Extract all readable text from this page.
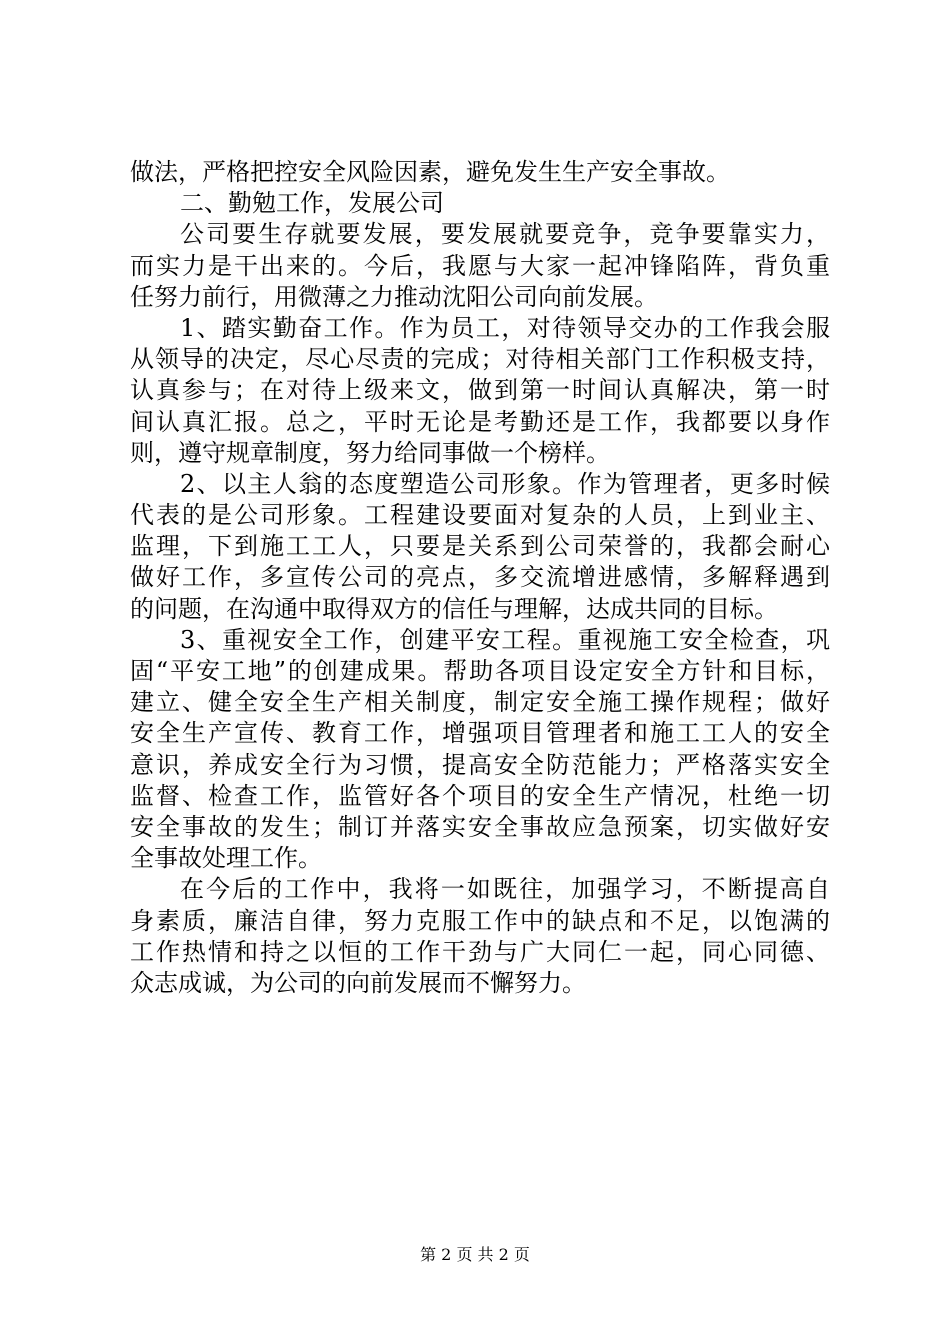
做法，严格把控安全风险因素，避免发生生产安全事故。
二、勤勉工作，发展公司
公司要生存就要发展，要发展就要竞争，竞争要靠实力，
而实力是干出来的。今后，我愿与大家一起冲锋陷阵，背负重
任努力前行，用微薄之力推动沈阳公司向前发展。
1、踏实勤奋工作。作为员工，对待领导交办的工作我会服
从领导的决定，尽心尽责的完成；对待相关部门工作积极支持，
认真参与；在对待上级来文，做到第一时间认真解决，第一时
间认真汇报。总之，平时无论是考勤还是工作，我都要以身作
则，遵守规章制度，努力给同事做一个榜样。
2、以主人翁的态度塑造公司形象。作为管理者，更多时候
代表的是公司形象。工程建设要面对复杂的人员，上到业主、
监理，下到施工工人，只要是关系到公司荣誉的，我都会耐心
做好工作，多宣传公司的亮点，多交流增进感情，多解释遇到
的问题，在沟通中取得双方的信任与理解，达成共同的目标。
3、重视安全工作，创建平安工程。重视施工安全检查，巩
固“平安工地”的创建成果。帮助各项目设定安全方针和目标，
建立、健全安全生产相关制度，制定安全施工操作规程；做好
安全生产宣传、教育工作，增强项目管理者和施工工人的安全
意识，养成安全行为习惯，提高安全防范能力；严格落实安全
监督、检查工作，监管好各个项目的安全生产情况，杜绝一切
安全事故的发生；制订并落实安全事故应急预案，切实做好安
全事故处理工作。
在今后的工作中，我将一如既往，加强学习，不断提高自
身素质，廉洁自律，努力克服工作中的缺点和不足，以饱满的
工作热情和持之以恒的工作干劲与广大同仁一起，同心同德、
众志成诚，为公司的向前发展而不懈努力。
第 2 页 共 2 页
